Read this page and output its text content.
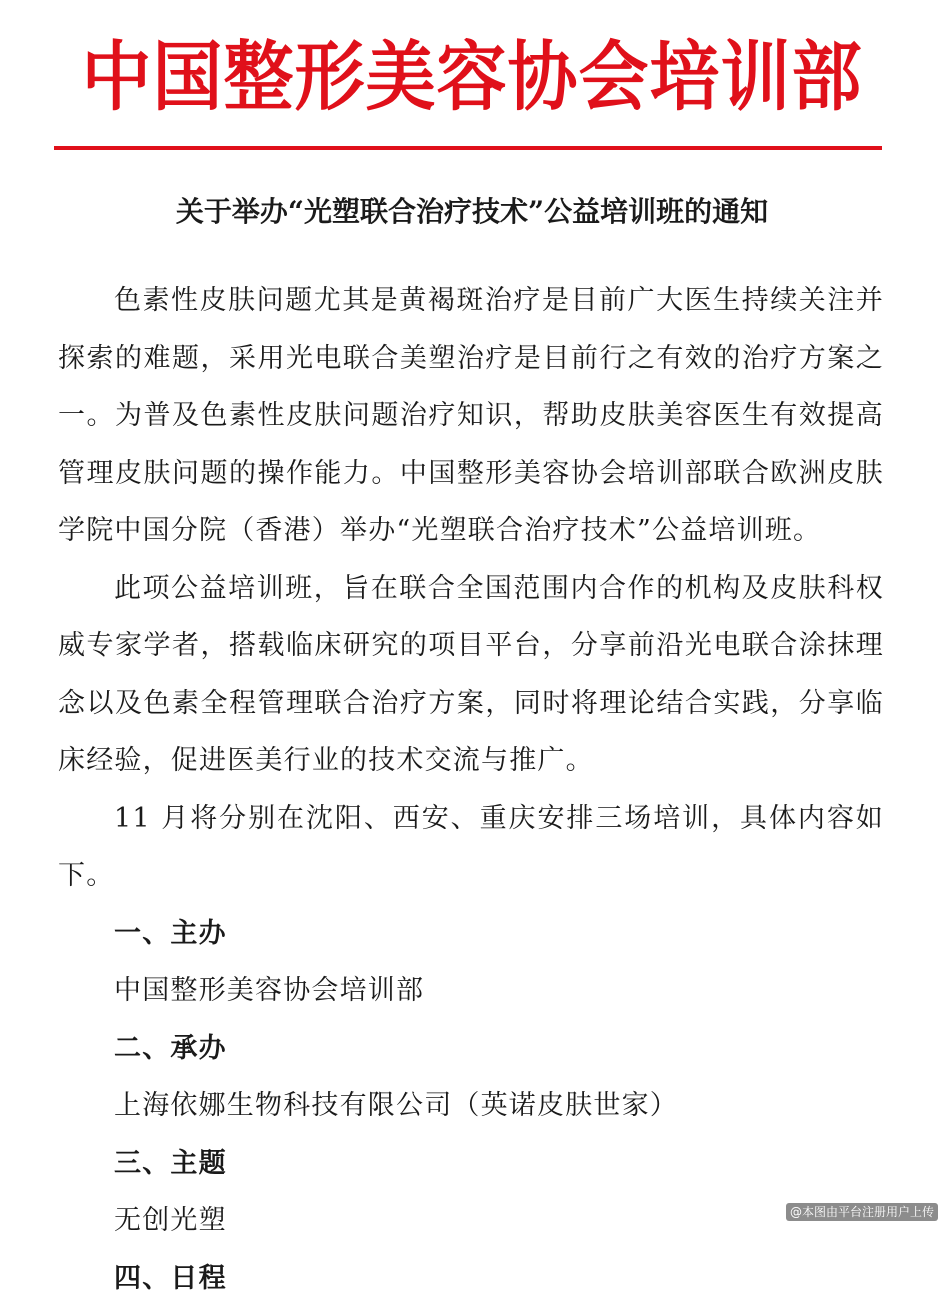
中国整形美容协会培训部
关于举办“光塑联合治疗技术”公益培训班的通知

色素性皮肤问题尤其是黄褐斑治疗是目前广大医生持续关注并探索的难题，采用光电联合美塑治疗是目前行之有效的治疗方案之一。为普及色素性皮肤问题治疗知识，帮助皮肤美容医生有效提高管理皮肤问题的操作能力。中国整形美容协会培训部联合欧洲皮肤学院中国分院（香港）举办“光塑联合治疗技术”公益培训班。

此项公益培训班，旨在联合全国范围内合作的机构及皮肤科权威专家学者，搭载临床研究的项目平台，分享前沿光电联合涂抹理念以及色素全程管理联合治疗方案，同时将理论结合实践，分享临床经验，促进医美行业的技术交流与推广。

11 月将分别在沈阳、西安、重庆安排三场培训，具体内容如下。

一、主办

中国整形美容协会培训部

二、承办

上海依娜生物科技有限公司（英诺皮肤世家）

三、主题

无创光塑

四、日程

@本图由平台注册用户上传
